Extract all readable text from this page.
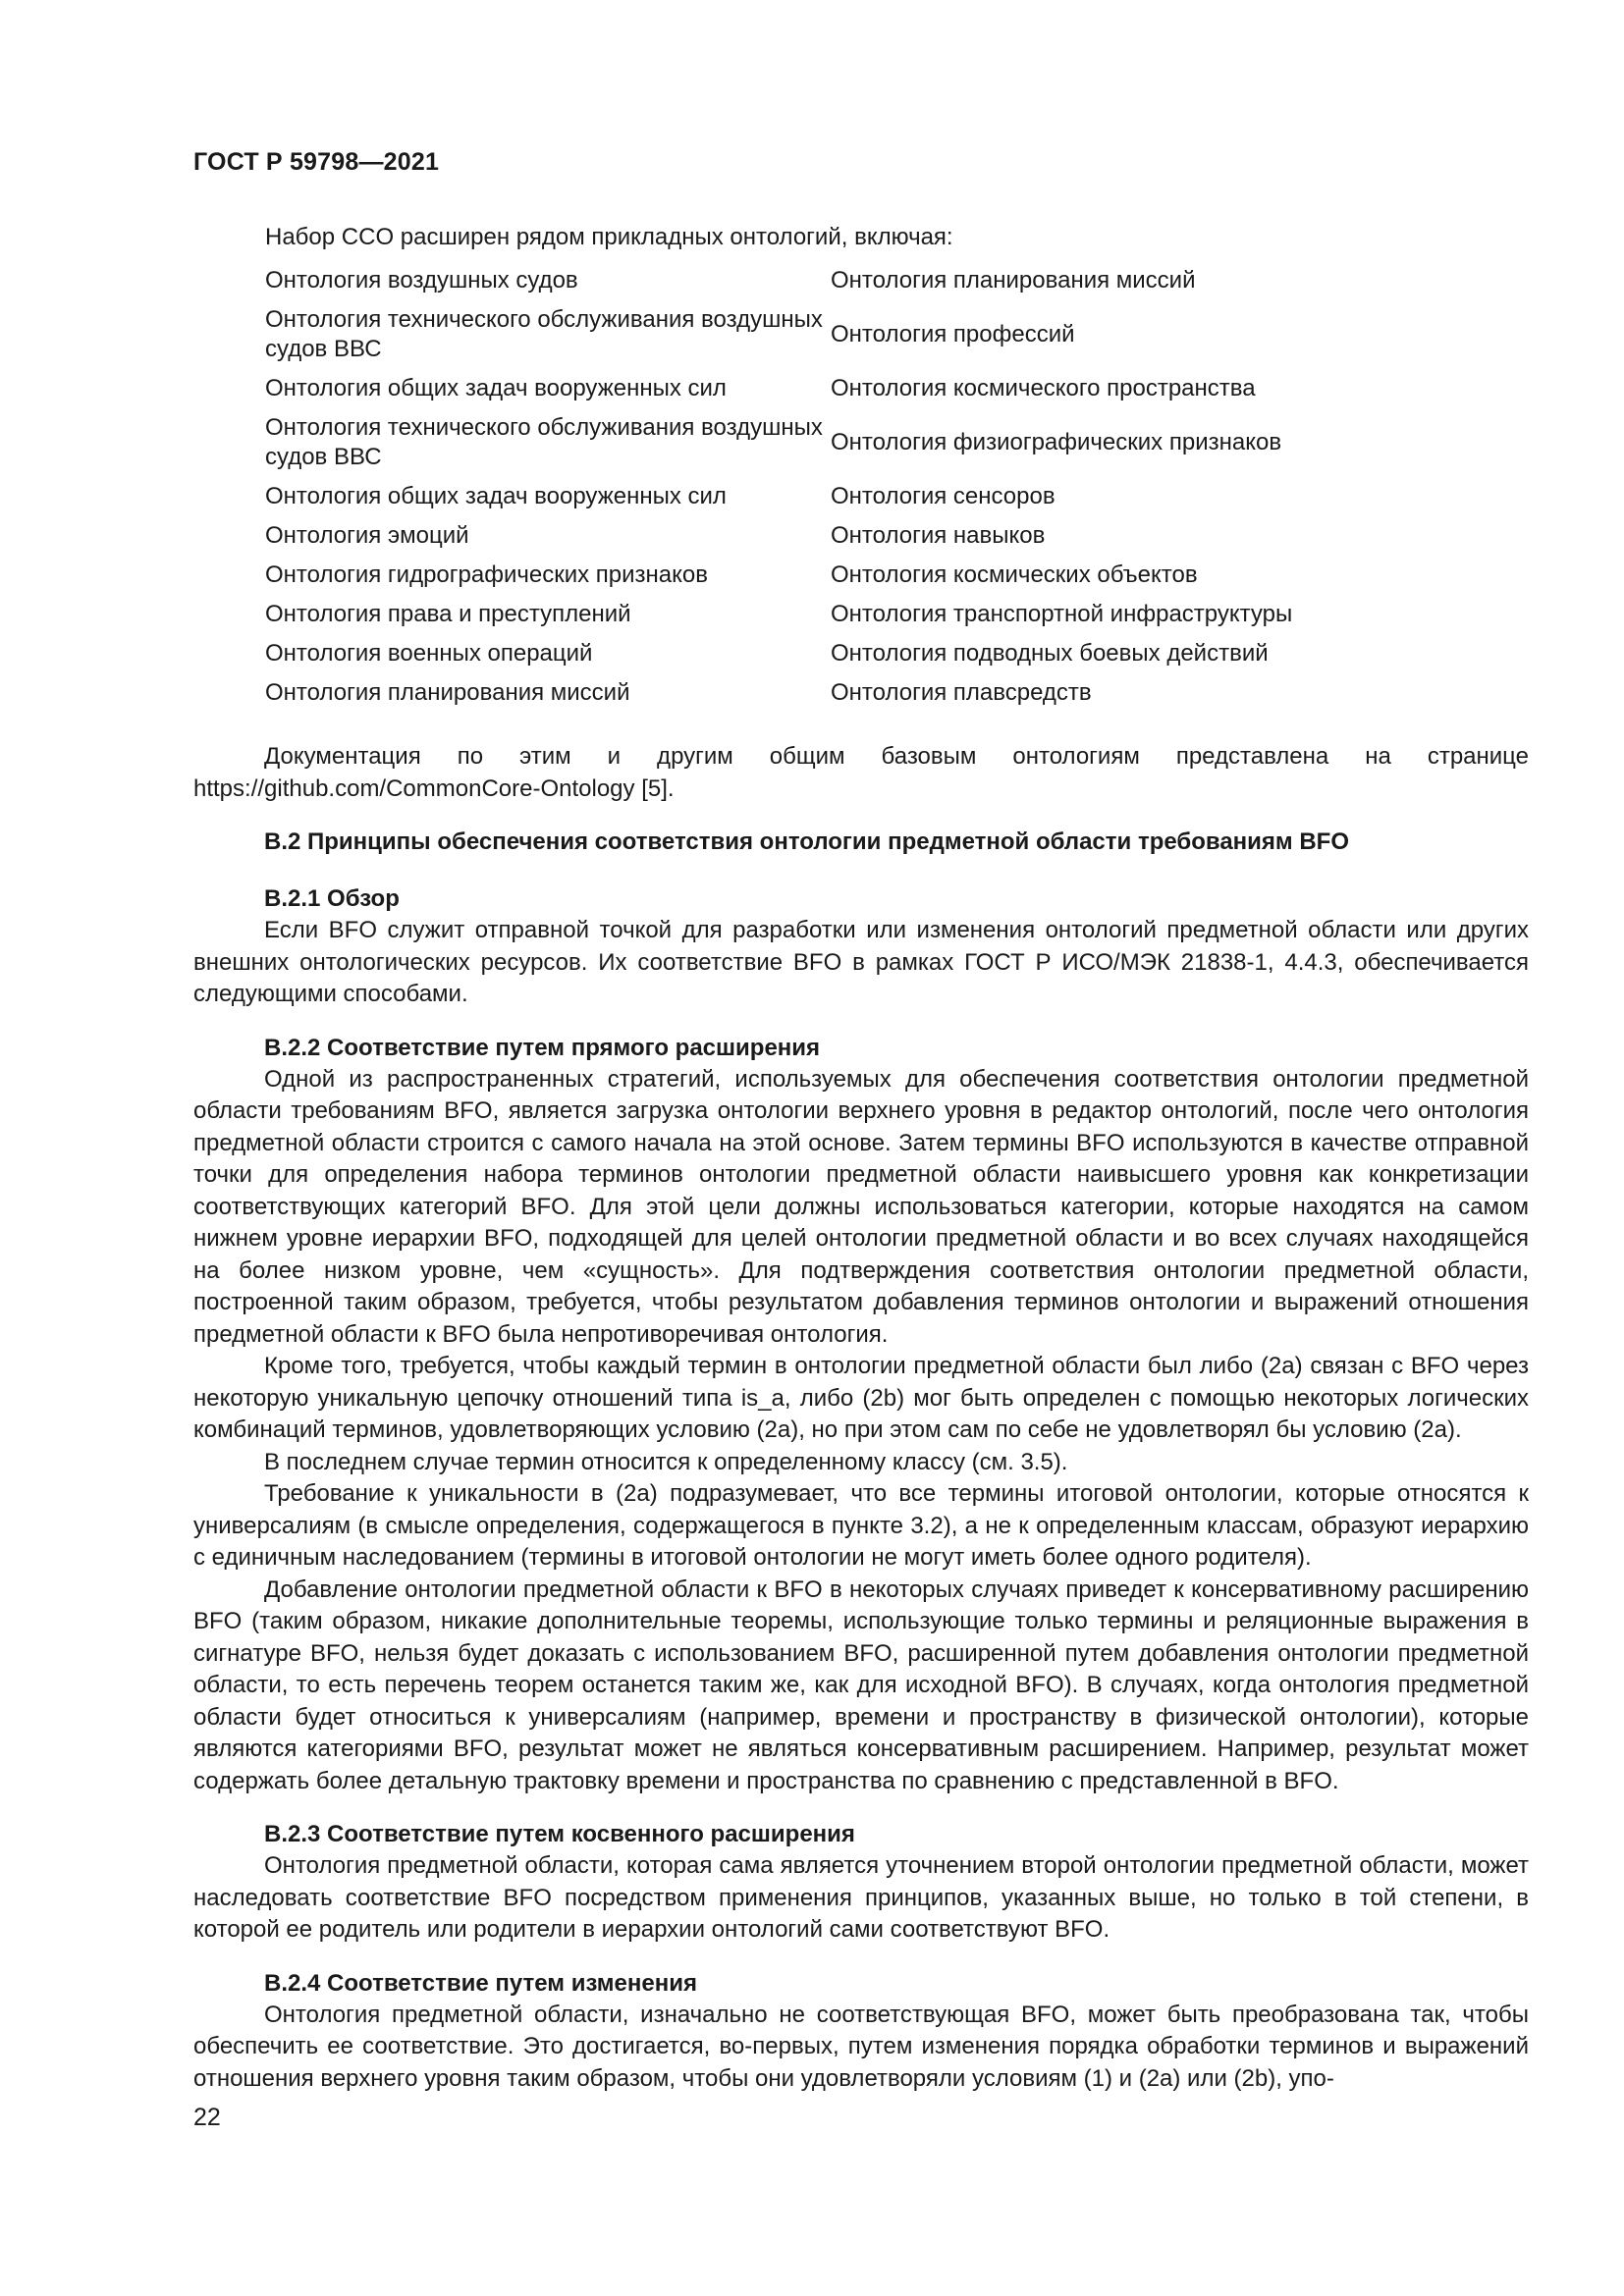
ГОСТ Р 59798—2021
Набор CCO расширен рядом прикладных онтологий, включая:
Онтология воздушных судов	Онтология планирования миссий
Онтология технического обслуживания воздушных судов ВВС	Онтология профессий
Онтология общих задач вооруженных сил	Онтология космического пространства
Онтология технического обслуживания воздушных судов ВВС	Онтология физиографических признаков
Онтология общих задач вооруженных сил	Онтология сенсоров
Онтология эмоций	Онтология навыков
Онтология гидрографических признаков	Онтология космических объектов
Онтология права и преступлений	Онтология транспортной инфраструктуры
Онтология военных операций	Онтология подводных боевых действий
Онтология планирования миссий	Онтология плавсредств

Документация по этим и другим общим базовым онтологиям представлена на странице https://github.com/CommonCore-Ontology [5].

В.2 Принципы обеспечения соответствия онтологии предметной области требованиям BFO

В.2.1 Обзор

Если BFO служит отправной точкой для разработки или изменения онтологий предметной области или других внешних онтологических ресурсов. Их соответствие BFO в рамках ГОСТ Р ИСО/МЭК 21838-1, 4.4.3, обеспечивается следующими способами.

В.2.2 Соответствие путем прямого расширения

Одной из распространенных стратегий, используемых для обеспечения соответствия онтологии предметной области требованиям BFO, является загрузка онтологии верхнего уровня в редактор онтологий, после чего онтология предметной области строится с самого начала на этой основе. Затем термины BFO используются в качестве отправной точки для определения набора терминов онтологии предметной области наивысшего уровня как конкретизации соответствующих категорий BFO. Для этой цели должны использоваться категории, которые находятся на самом нижнем уровне иерархии BFO, подходящей для целей онтологии предметной области и во всех случаях находящейся на более низком уровне, чем «сущность». Для подтверждения соответствия онтологии предметной области, построенной таким образом, требуется, чтобы результатом добавления терминов онтологии и выражений отношения предметной области к BFO была непротиворечивая онтология.

Кроме того, требуется, чтобы каждый термин в онтологии предметной области был либо (2a) связан с BFO через некоторую уникальную цепочку отношений типа is_a, либо (2b) мог быть определен с помощью некоторых логических комбинаций терминов, удовлетворяющих условию (2a), но при этом сам по себе не удовлетворял бы условию (2a).

В последнем случае термин относится к определенному классу (см. 3.5).

Требование к уникальности в (2a) подразумевает, что все термины итоговой онтологии, которые относятся к универсалиям (в смысле определения, содержащегося в пункте 3.2), а не к определенным классам, образуют иерархию с единичным наследованием (термины в итоговой онтологии не могут иметь более одного родителя).

Добавление онтологии предметной области к BFO в некоторых случаях приведет к консервативному расширению BFO (таким образом, никакие дополнительные теоремы, использующие только термины и реляционные выражения в сигнатуре BFO, нельзя будет доказать с использованием BFO, расширенной путем добавления онтологии предметной области, то есть перечень теорем останется таким же, как для исходной BFO). В случаях, когда онтология предметной области будет относиться к универсалиям (например, времени и пространству в физической онтологии), которые являются категориями BFO, результат может не являться консервативным расширением. Например, результат может содержать более детальную трактовку времени и пространства по сравнению с представленной в BFO.

В.2.3 Соответствие путем косвенного расширения

Онтология предметной области, которая сама является уточнением второй онтологии предметной области, может наследовать соответствие BFO посредством применения принципов, указанных выше, но только в той степени, в которой ее родитель или родители в иерархии онтологий сами соответствуют BFO.

В.2.4 Соответствие путем изменения

Онтология предметной области, изначально не соответствующая BFO, может быть преобразована так, чтобы обеспечить ее соответствие. Это достигается, во-первых, путем изменения порядка обработки терминов и выражений отношения верхнего уровня таким образом, чтобы они удовлетворяли условиям (1) и (2a) или (2b), упо-

22
